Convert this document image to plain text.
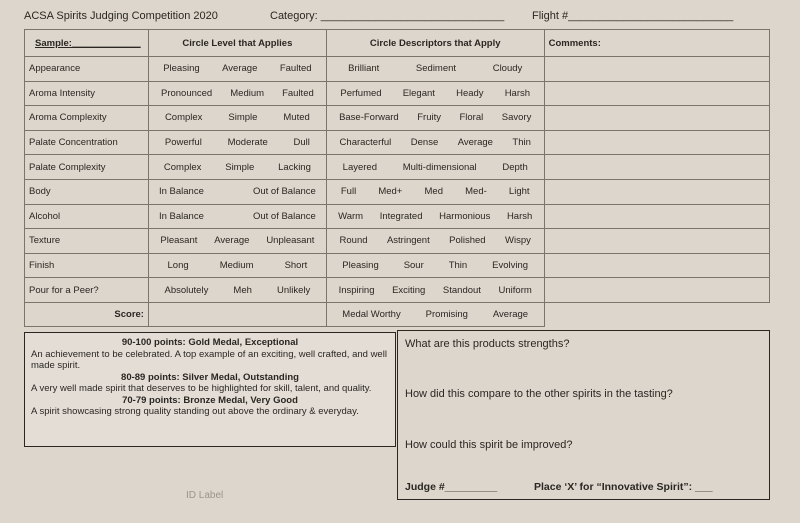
ACSA Spirits Judging Competition 2020	Category: ______________________________	Flight #___________________________
Sample:_____________	Circle Level that Applies	Circle Descriptors that Apply	Comments:
Appearance	Pleasing Average Faulted	Brilliant Sediment Cloudy	

Aroma Intensity	Pronounced Medium Faulted	Perfumed Elegant Heady Harsh	

Aroma Complexity	Complex Simple Muted	Base-Forward Fruity Floral Savory	

Palate Concentration	Powerful Moderate Dull	Characterful Dense Average Thin	

Palate Complexity	Complex Simple Lacking	Layered Multi-dimensional Depth	

Body	In Balance Out of Balance	Full Med+ Med Med- Light	

Alcohol	In Balance Out of Balance	Warm Integrated Harmonious Harsh	

Texture	Pleasant Average Unpleasant	Round Astringent Polished Wispy	

Finish	Long Medium Short	Pleasing Sour Thin Evolving	

Pour for a Peer?	Absolutely Meh Unlikely	Inspiring Exciting Standout Uniform	

Score:		Medal Worthy Promising Average	

90-100 points: Gold Medal, Exceptional
An achievement to be celebrated. A top example of an exciting, well crafted, and well made spirit.
80-89 points: Silver Medal, Outstanding
A very well made spirit that deserves to be highlighted for skill, talent, and quality.
70-79 points: Bronze Medal, Very Good
A spirit showcasing strong quality standing out above the ordinary & everyday.
What are this products strengths?
How did this compare to the other spirits in the tasting?
How could this spirit be improved?
Judge #_________	Place ‘X’ for “Innovative Spirit”: ___
ID Label
